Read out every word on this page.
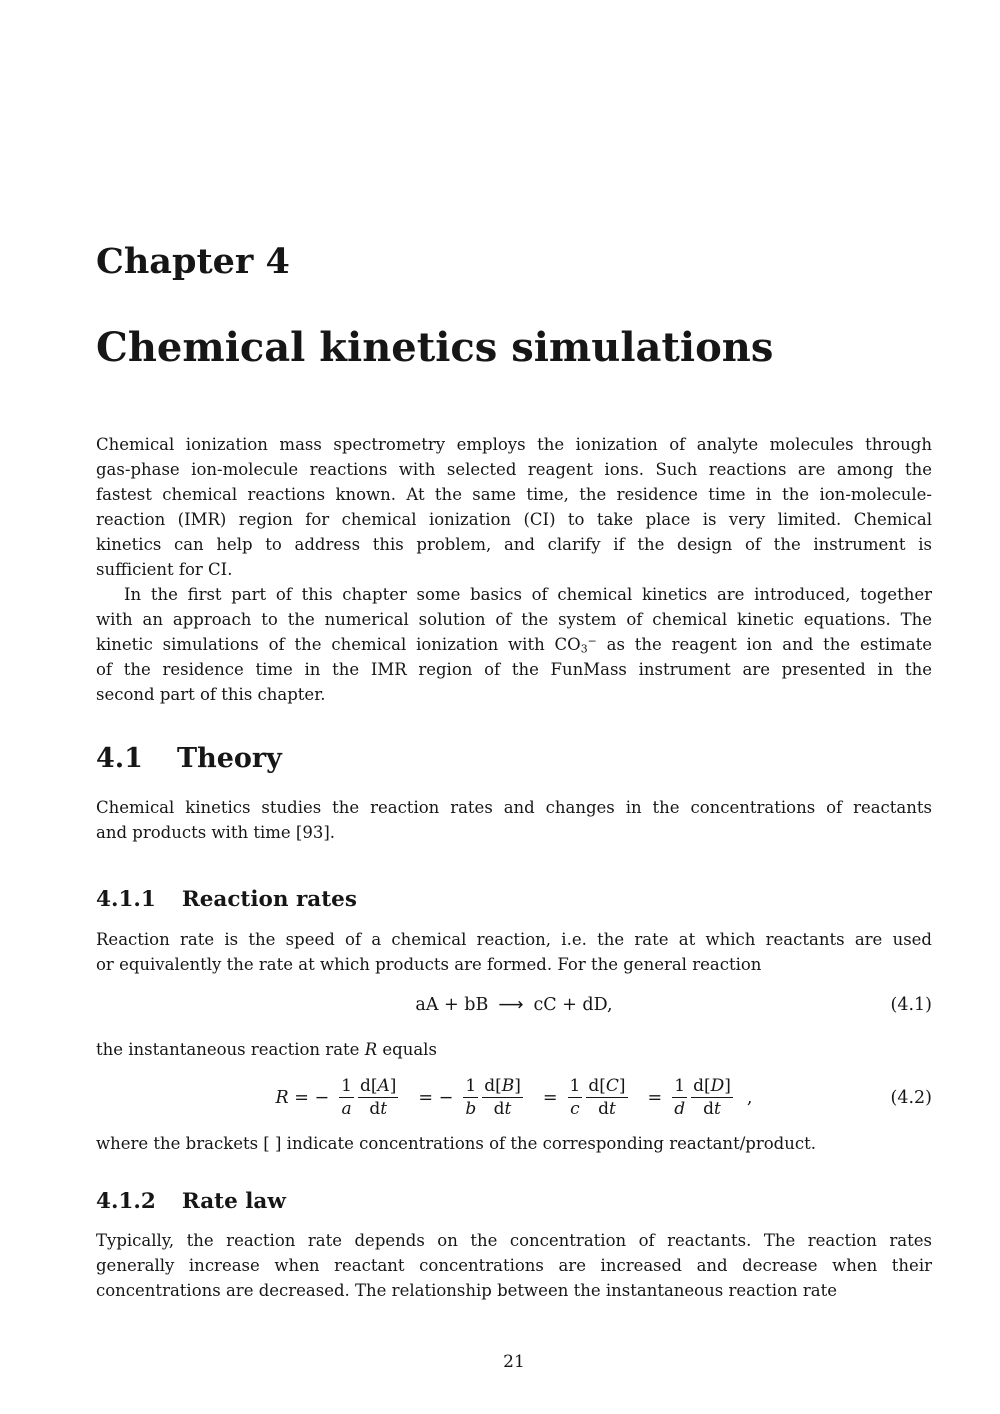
Chapter 4
Chemical kinetics simulations
Chemical ionization mass spectrometry employs the ionization of analyte molecules through
gas-phase ion-molecule reactions with selected reagent ions. Such reactions are among the
fastest chemical reactions known. At the same time, the residence time in the ion-molecule-
reaction (IMR) region for chemical ionization (CI) to take place is very limited. Chemical
kinetics can help to address this problem, and clarify if the design of the instrument is
sufficient for CI.
In the first part of this chapter some basics of chemical kinetics are introduced, together
with an approach to the numerical solution of the system of chemical kinetic equations. The
kinetic simulations of the chemical ionization with $CO_3^-$ as the reagent ion and the estimate
of the residence time in the IMR region of the FunMass instrument are presented in the
second part of this chapter.
4.1 Theory
Chemical kinetics studies the reaction rates and changes in the concentrations of reactants
and products with time [93].
4.1.1 Reaction rates
Reaction rate is the speed of a chemical reaction, i.e. the rate at which reactants are used
or equivalently the rate at which products are formed. For the general reaction
aA + bB ⟶ cC + dD,	(4.1)
the instantaneous reaction rate R equals
R = − $\frac{1}{a} \frac{d[A]}{dt}$ = − $\frac{1}{b} \frac{d[B]}{dt} = \frac{1}{c} \frac{d[C]}{dt} = \frac{1}{d} \frac{d[D]}{dt}$ ,	(4.2)
where the brackets [ ] indicate concentrations of the corresponding reactant/product.
4.1.2 Rate law
Typically, the reaction rate depends on the concentration of reactants. The reaction rates
generally increase when reactant concentrations are increased and decrease when their
concentrations are decreased. The relationship between the instantaneous reaction rate
21
